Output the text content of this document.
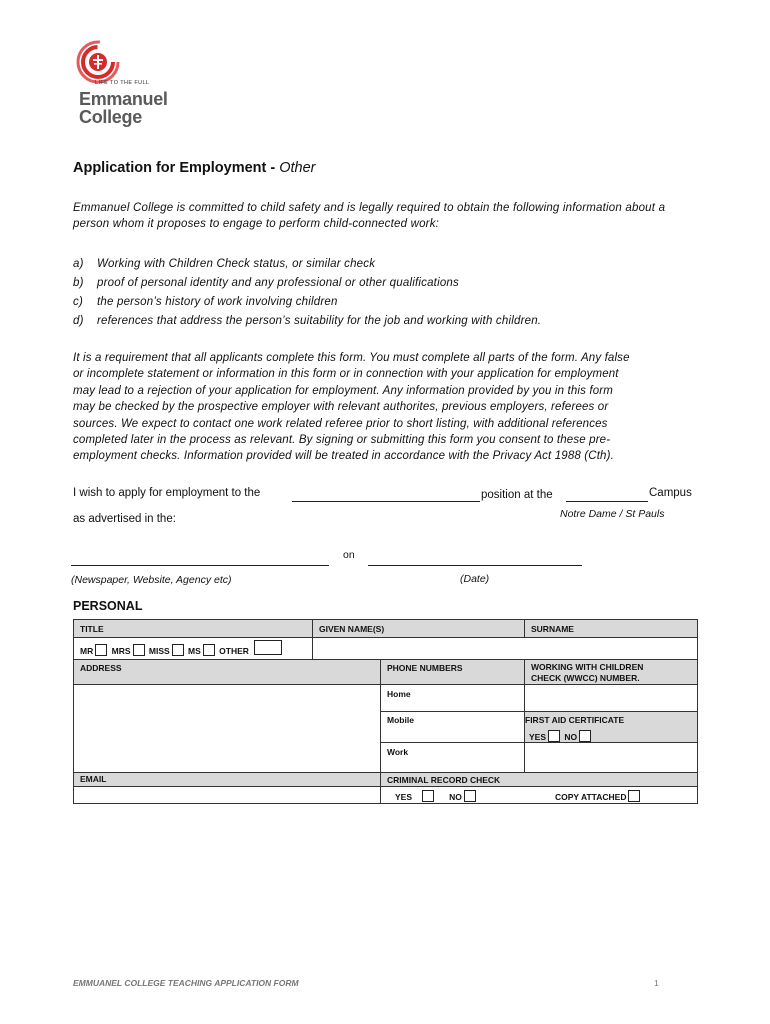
LIFE TO THE FULL
Emmanuel
College
Application for Employment - Other
Emmanuel College is committed to child safety and is legally required to obtain the following information about a person whom it proposes to engage to perform child-connected work:
a)	Working with Children Check status, or similar check
b)	proof of personal identity and any professional or other qualifications
c)	the person’s history of work involving children
d)	references that address the person’s suitability for the job and working with children.
It is a requirement that all applicants complete this form. You must complete all parts of the form. Any false
or incomplete statement or information in this form or in connection with your application for employment
may lead to a rejection of your application for employment. Any information provided by you in this form
may be checked by the prospective employer with relevant authorites, previous employers, referees or
sources. We expect to contact one work related referee prior to short listing, with additional references
completed later in the process as relevant. By signing or submitting this form you consent to these pre-
employment checks. Information provided will be treated in accordance with the Privacy Act 1988 (Cth).
I wish to apply for employment to the	position at the	Campus
Notre Dame / St Pauls
as advertised in the:
on
(Newspaper, Website, Agency etc)	(Date)
PERSONAL
TITLE	GIVEN NAME(S)	SURNAME
MR MRS MISS MS OTHER
ADDRESS	PHONE NUMBERS	WORKING WITH CHILDREN
CHECK (WWCC) NUMBER.
Home
Mobile	FIRST AID CERTIFICATE
YES NO
Work
EMAIL	CRIMINAL RECORD CHECK
YES	NO	COPY ATTACHED
EMMUANEL COLLEGE TEACHING APPLICATION FORM	1
